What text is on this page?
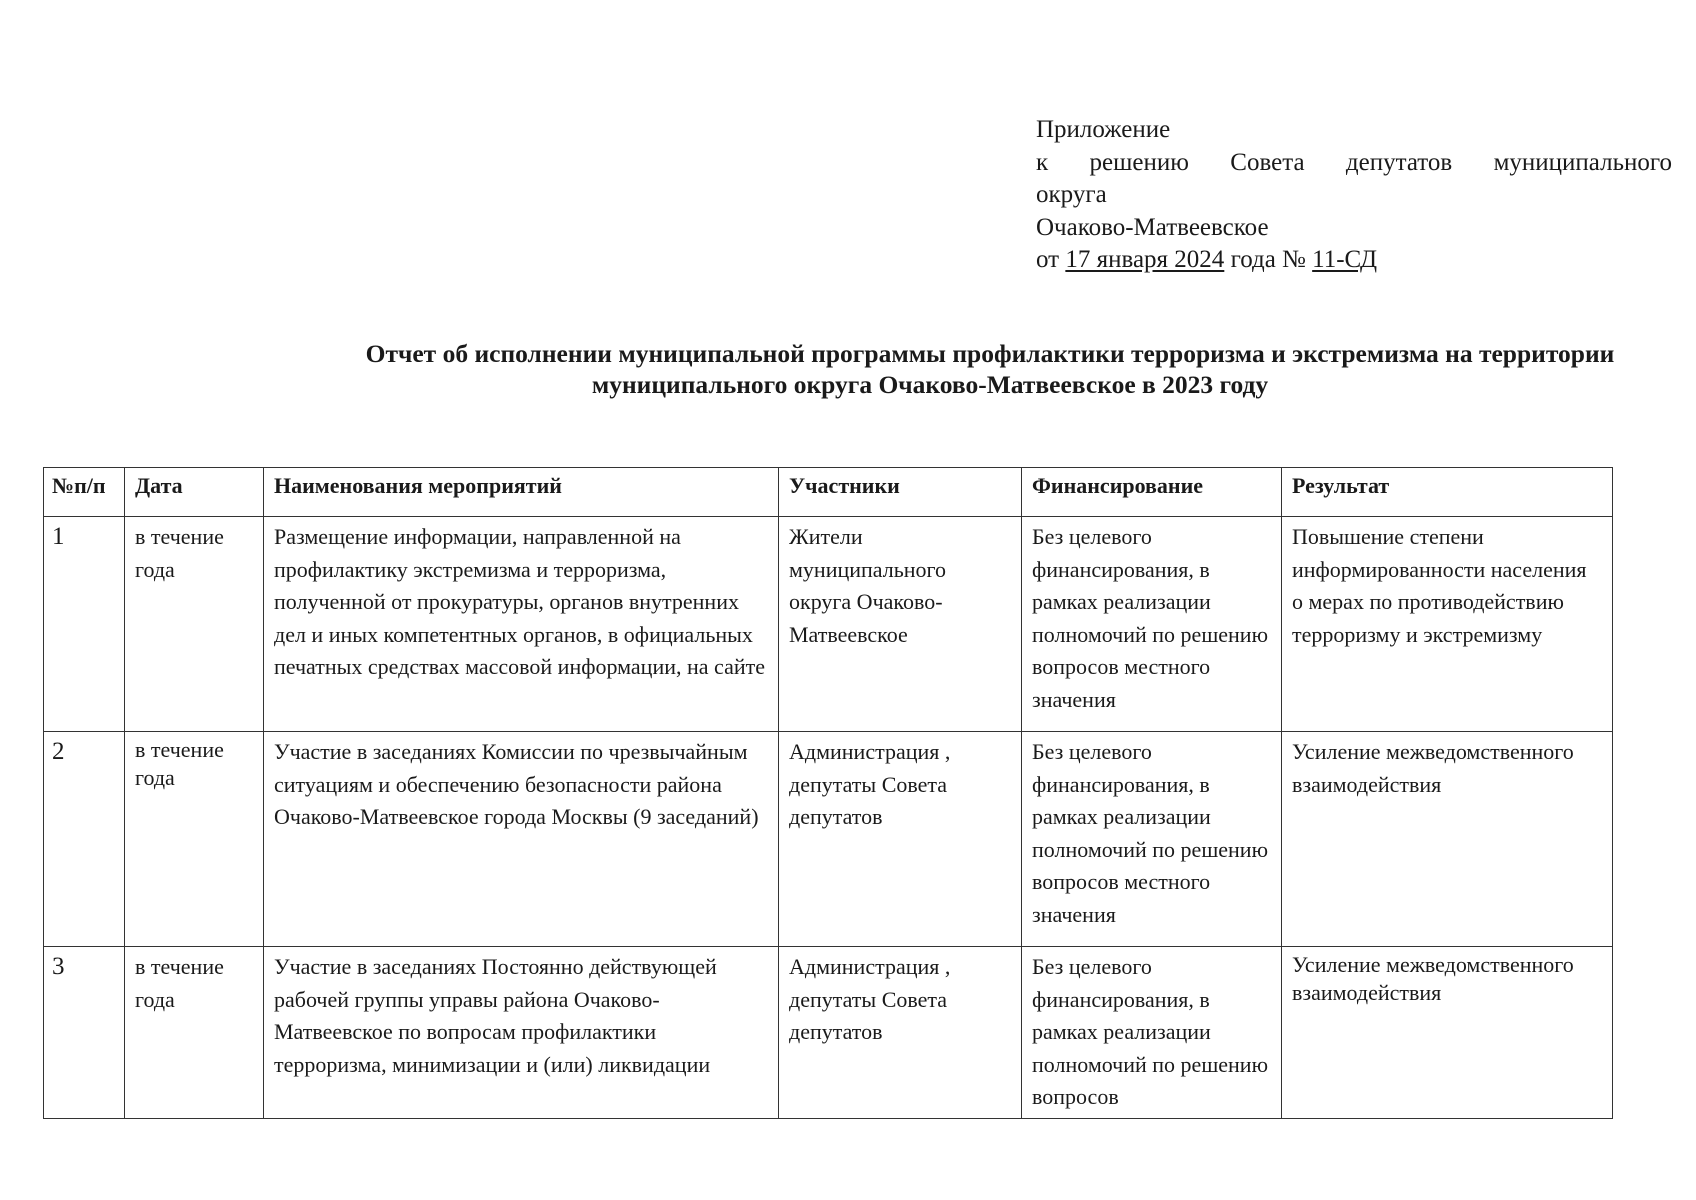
Приложение
к решению Совета депутатов муниципального
округа
Очаково-Матвеевское
от 17 января 2024 года № 11-СД
Отчет об исполнении муниципальной программы профилактики терроризма и экстремизма на территории
муниципального округа Очаково-Матвеевское в 2023 году
№п/п	Дата	Наименования мероприятий	Участники	Финансирование	Результат
1	в течение года	Размещение информации, направленной на профилактику экстремизма и терроризма, полученной от прокуратуры, органов внутренних дел и иных компетентных органов, в официальных печатных средствах массовой информации, на сайте	Жители муниципального округа Очаково-Матвеевское	Без целевого финансирования, в рамках реализации полномочий по решению вопросов местного значения	Повышение степени информированности населения о мерах по противодействию терроризму и экстремизму
2	в течение года	Участие в заседаниях Комиссии по чрезвычайным ситуациям и обеспечению безопасности района Очаково-Матвеевское города Москвы (9 заседаний)	Администрация , депутаты Совета депутатов	Без целевого финансирования, в рамках реализации полномочий по решению вопросов местного значения	Усиление межведомственного взаимодействия
3	в течение года	Участие в заседаниях Постоянно действующей рабочей группы управы района Очаково-Матвеевское по вопросам профилактики терроризма, минимизации и (или) ликвидации	Администрация , депутаты Совета депутатов	Без целевого финансирования, в рамках реализации полномочий по решению вопросов	Усиление межведомственного взаимодействия
